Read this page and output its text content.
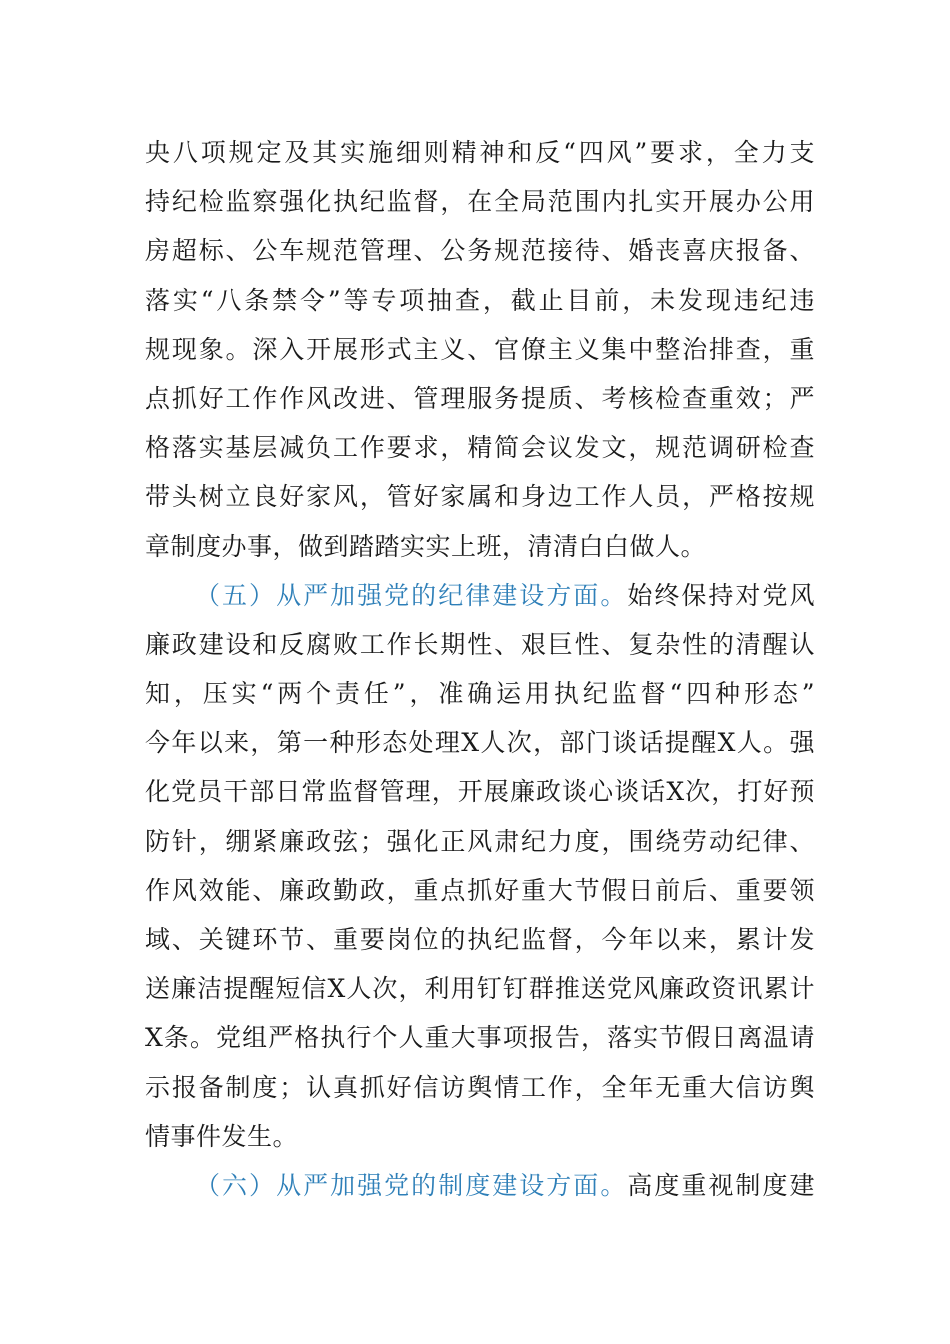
央八项规定及其实施细则精神和反“四风”要求，全力支
持纪检监察强化执纪监督，在全局范围内扎实开展办公用
房超标、公车规范管理、公务规范接待、婚丧喜庆报备、
落实“八条禁令”等专项抽查，截止目前，未发现违纪违
规现象。深入开展形式主义、官僚主义集中整治排查，重
点抓好工作作风改进、管理服务提质、考核检查重效；严
格落实基层减负工作要求，精简会议发文，规范调研检查
带头树立良好家风，管好家属和身边工作人员，严格按规
章制度办事，做到踏踏实实上班，清清白白做人。
（五）从严加强党的纪律建设方面。始终保持对党风
廉政建设和反腐败工作长期性、艰巨性、复杂性的清醒认
知，压实“两个责任”，准确运用执纪监督“四种形态”
今年以来，第一种形态处理X人次，部门谈话提醒X人。强
化党员干部日常监督管理，开展廉政谈心谈话X次，打好预
防针，绷紧廉政弦；强化正风肃纪力度，围绕劳动纪律、
作风效能、廉政勤政，重点抓好重大节假日前后、重要领
域、关键环节、重要岗位的执纪监督，今年以来，累计发
送廉洁提醒短信X人次，利用钉钉群推送党风廉政资讯累计
X条。党组严格执行个人重大事项报告，落实节假日离温请
示报备制度；认真抓好信访舆情工作，全年无重大信访舆
情事件发生。
（六）从严加强党的制度建设方面。高度重视制度建
